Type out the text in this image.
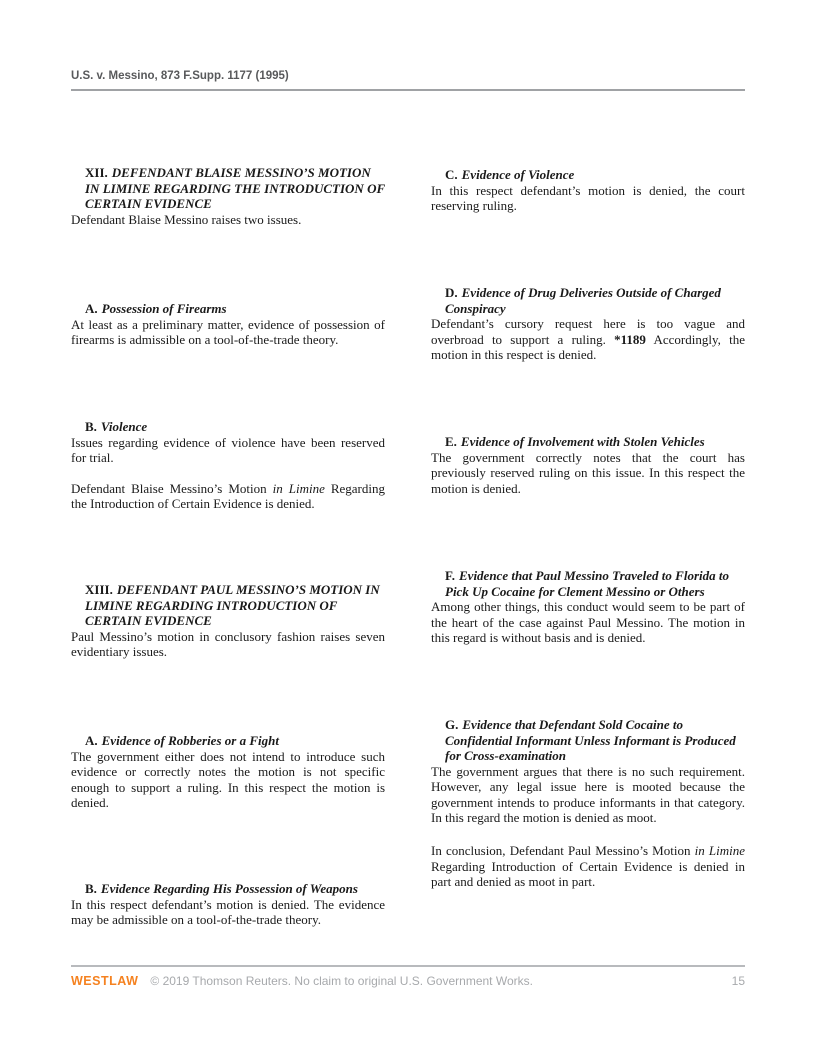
U.S. v. Messino, 873 F.Supp. 1177 (1995)
XII. DEFENDANT BLAISE MESSINO’S MOTION IN LIMINE REGARDING THE INTRODUCTION OF CERTAIN EVIDENCE

Defendant Blaise Messino raises two issues.

A. Possession of Firearms

At least as a preliminary matter, evidence of possession of firearms is admissible on a tool-of-the-trade theory.

B. Violence

Issues regarding evidence of violence have been reserved for trial.

Defendant Blaise Messino’s Motion in Limine Regarding the Introduction of Certain Evidence is denied.

XIII. DEFENDANT PAUL MESSINO’S MOTION IN LIMINE REGARDING INTRODUCTION OF CERTAIN EVIDENCE

Paul Messino’s motion in conclusory fashion raises seven evidentiary issues.

A. Evidence of Robberies or a Fight

The government either does not intend to introduce such evidence or correctly notes the motion is not specific enough to support a ruling. In this respect the motion is denied.

B. Evidence Regarding His Possession of Weapons

In this respect defendant’s motion is denied. The evidence may be admissible on a tool-of-the-trade theory.

C. Evidence of Violence

In this respect defendant’s motion is denied, the court reserving ruling.

D. Evidence of Drug Deliveries Outside of Charged Conspiracy

Defendant’s cursory request here is too vague and overbroad to support a ruling. *1189 Accordingly, the motion in this respect is denied.

E. Evidence of Involvement with Stolen Vehicles

The government correctly notes that the court has previously reserved ruling on this issue. In this respect the motion is denied.

F. Evidence that Paul Messino Traveled to Florida to Pick Up Cocaine for Clement Messino or Others

Among other things, this conduct would seem to be part of the heart of the case against Paul Messino. The motion in this regard is without basis and is denied.

G. Evidence that Defendant Sold Cocaine to Confidential Informant Unless Informant is Produced for Cross-examination

The government argues that there is no such requirement. However, any legal issue here is mooted because the government intends to produce informants in that category. In this regard the motion is denied as moot.

In conclusion, Defendant Paul Messino’s Motion in Limine Regarding Introduction of Certain Evidence is denied in part and denied as moot in part.

WESTLAW © 2019 Thomson Reuters. No claim to original U.S. Government Works.	15
